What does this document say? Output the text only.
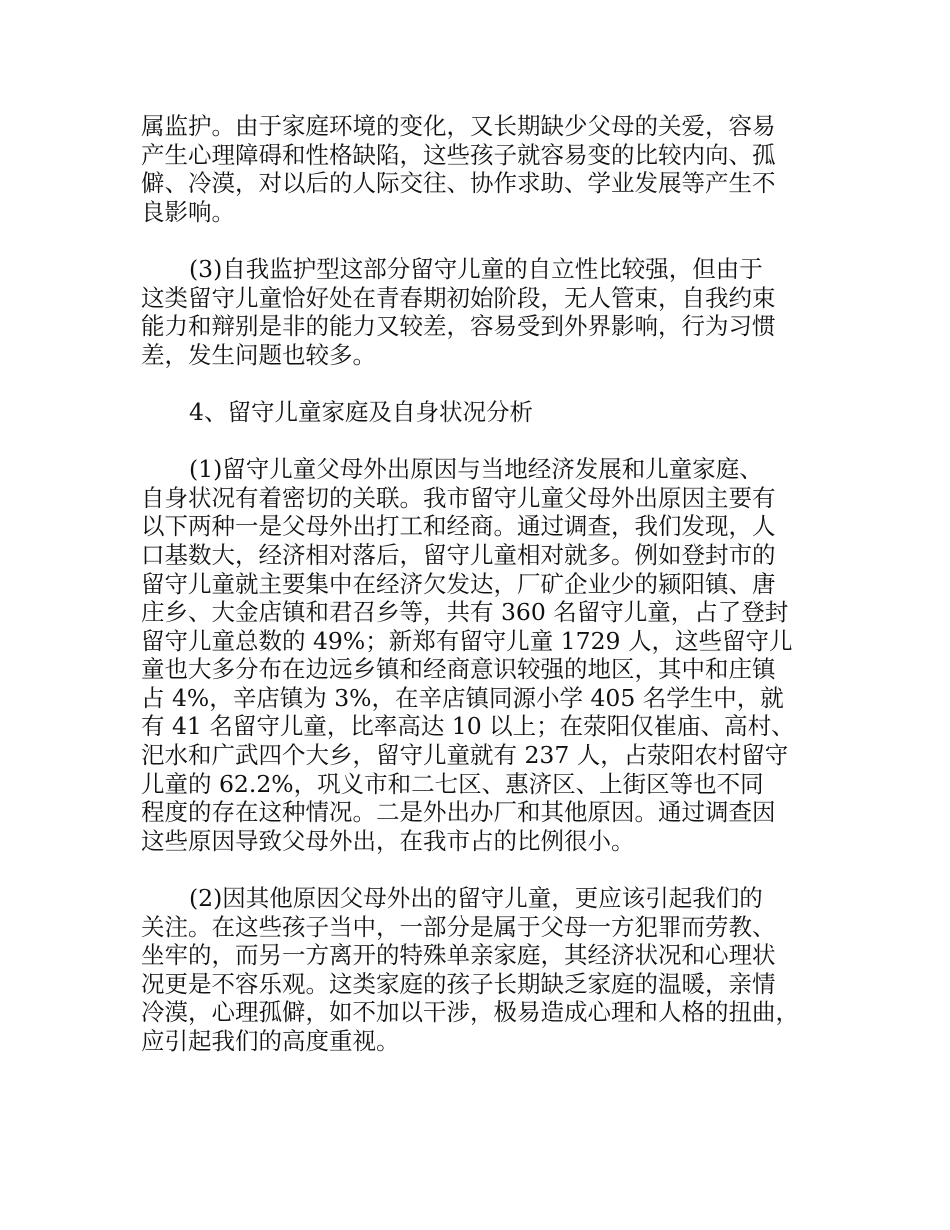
属监护。由于家庭环境的变化，又长期缺少父母的关爱，容易
产生心理障碍和性格缺陷，这些孩子就容易变的比较内向、孤
僻、冷漠，对以后的人际交往、协作求助、学业发展等产生不
良影响。
(3)自我监护型这部分留守儿童的自立性比较强，但由于
这类留守儿童恰好处在青春期初始阶段，无人管束，自我约束
能力和辩别是非的能力又较差，容易受到外界影响，行为习惯
差，发生问题也较多。
4、留守儿童家庭及自身状况分析
(1)留守儿童父母外出原因与当地经济发展和儿童家庭、
自身状况有着密切的关联。我市留守儿童父母外出原因主要有
以下两种一是父母外出打工和经商。通过调查，我们发现，人
口基数大，经济相对落后，留守儿童相对就多。例如登封市的
留守儿童就主要集中在经济欠发达，厂矿企业少的颍阳镇、唐
庄乡、大金店镇和君召乡等，共有 360 名留守儿童，占了登封
留守儿童总数的 49%；新郑有留守儿童 1729 人，这些留守儿
童也大多分布在边远乡镇和经商意识较强的地区，其中和庄镇
占 4%，辛店镇为 3%，在辛店镇同源小学 405 名学生中，就
有 41 名留守儿童，比率高达 10 以上；在荥阳仅崔庙、高村、
汜水和广武四个大乡，留守儿童就有 237 人，占荥阳农村留守
儿童的 62.2%，巩义市和二七区、惠济区、上街区等也不同
程度的存在这种情况。二是外出办厂和其他原因。通过调查因
这些原因导致父母外出，在我市占的比例很小。
(2)因其他原因父母外出的留守儿童，更应该引起我们的
关注。在这些孩子当中，一部分是属于父母一方犯罪而劳教、
坐牢的，而另一方离开的特殊单亲家庭，其经济状况和心理状
况更是不容乐观。这类家庭的孩子长期缺乏家庭的温暖，亲情
冷漠，心理孤僻，如不加以干涉，极易造成心理和人格的扭曲，
应引起我们的高度重视。
